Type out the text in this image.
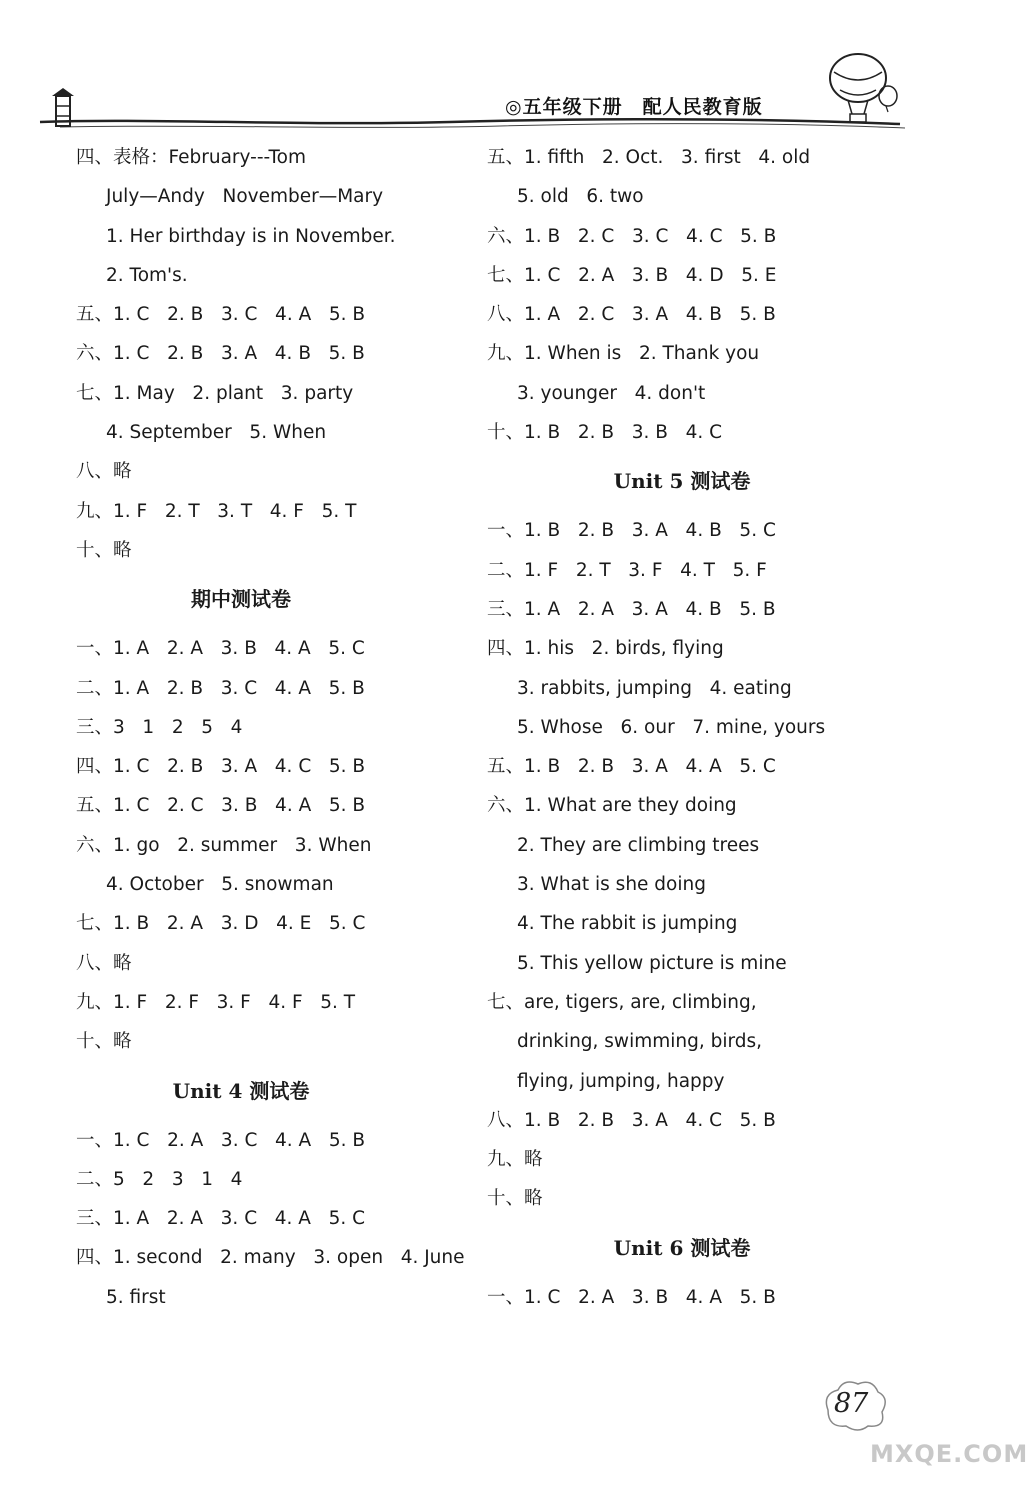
◎五年级下册　配人民教育版
四、表格：February---Tom
July—Andy   November—Mary
1. Her birthday is in November.
2. Tom's.
五、1. C   2. B   3. C   4. A   5. B
六、1. C   2. B   3. A   4. B   5. B
七、1. May   2. plant   3. party
4. September   5. When
八、略
九、1. F   2. T   3. T   4. F   5. T
十、略
期中测试卷
一、1. A   2. A   3. B   4. A   5. C
二、1. A   2. B   3. C   4. A   5. B
三、3   1   2   5   4
四、1. C   2. B   3. A   4. C   5. B
五、1. C   2. C   3. B   4. A   5. B
六、1. go   2. summer   3. When
4. October   5. snowman
七、1. B   2. A   3. D   4. E   5. C
八、略
九、1. F   2. F   3. F   4. F   5. T
十、略
Unit 4 测试卷
一、1. C   2. A   3. C   4. A   5. B
二、5   2   3   1   4
三、1. A   2. A   3. C   4. A   5. C
四、1. second   2. many   3. open   4. June
5. first
五、1. fifth   2. Oct.   3. first   4. old
5. old   6. two
六、1. B   2. C   3. C   4. C   5. B
七、1. C   2. A   3. B   4. D   5. E
八、1. A   2. C   3. A   4. B   5. B
九、1. When is   2. Thank you
3. younger   4. don't
十、1. B   2. B   3. B   4. C
Unit 5 测试卷
一、1. B   2. B   3. A   4. B   5. C
二、1. F   2. T   3. F   4. T   5. F
三、1. A   2. A   3. A   4. B   5. B
四、1. his   2. birds, flying
3. rabbits, jumping   4. eating
5. Whose   6. our   7. mine, yours
五、1. B   2. B   3. A   4. A   5. C
六、1. What are they doing
2. They are climbing trees
3. What is she doing
4. The rabbit is jumping
5. This yellow picture is mine
七、are, tigers, are, climbing,
drinking, swimming, birds,
flying, jumping, happy
八、1. B   2. B   3. A   4. C   5. B
九、略
十、略
Unit 6 测试卷
一、1. C   2. A   3. B   4. A   5. B
87
MXQE.COM
